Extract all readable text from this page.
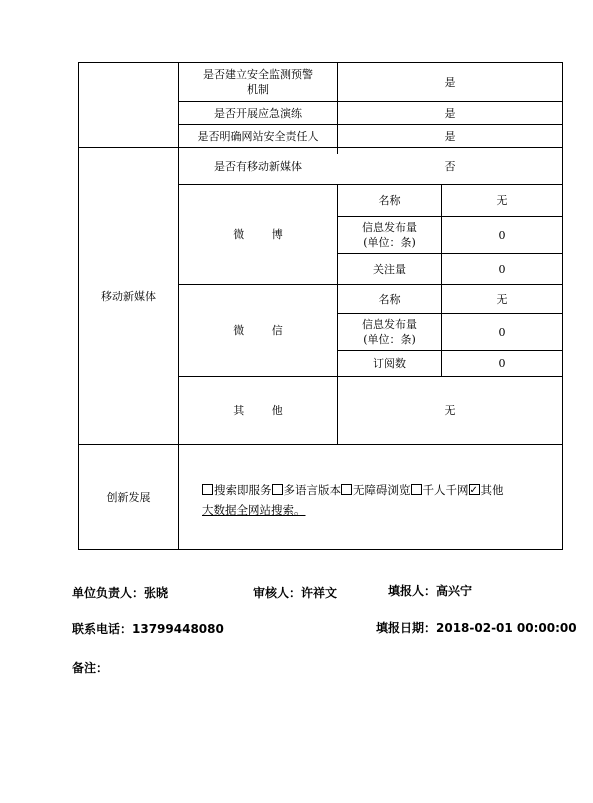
是否建立安全监测预警
机制
是
是否开展应急演练	是
是否明确网站安全责任人	是
移动新媒体
是否有移动新媒体	否
微 博
名称	无
信息发布量
(单位：条)
0
关注量	0
微 信
名称	无
信息发布量
(单位：条)
0
订阅数	0
其 他	无
创新发展	搜索即服务 多语言版本 无障碍浏览 千人千网✓ 其他
大数据全网站搜索。
单位负责人：张晓	审核人：许祥文	填报人：高兴宁
联系电话：13799448080	填报日期：2018-02-01 00:00:00
备注：
